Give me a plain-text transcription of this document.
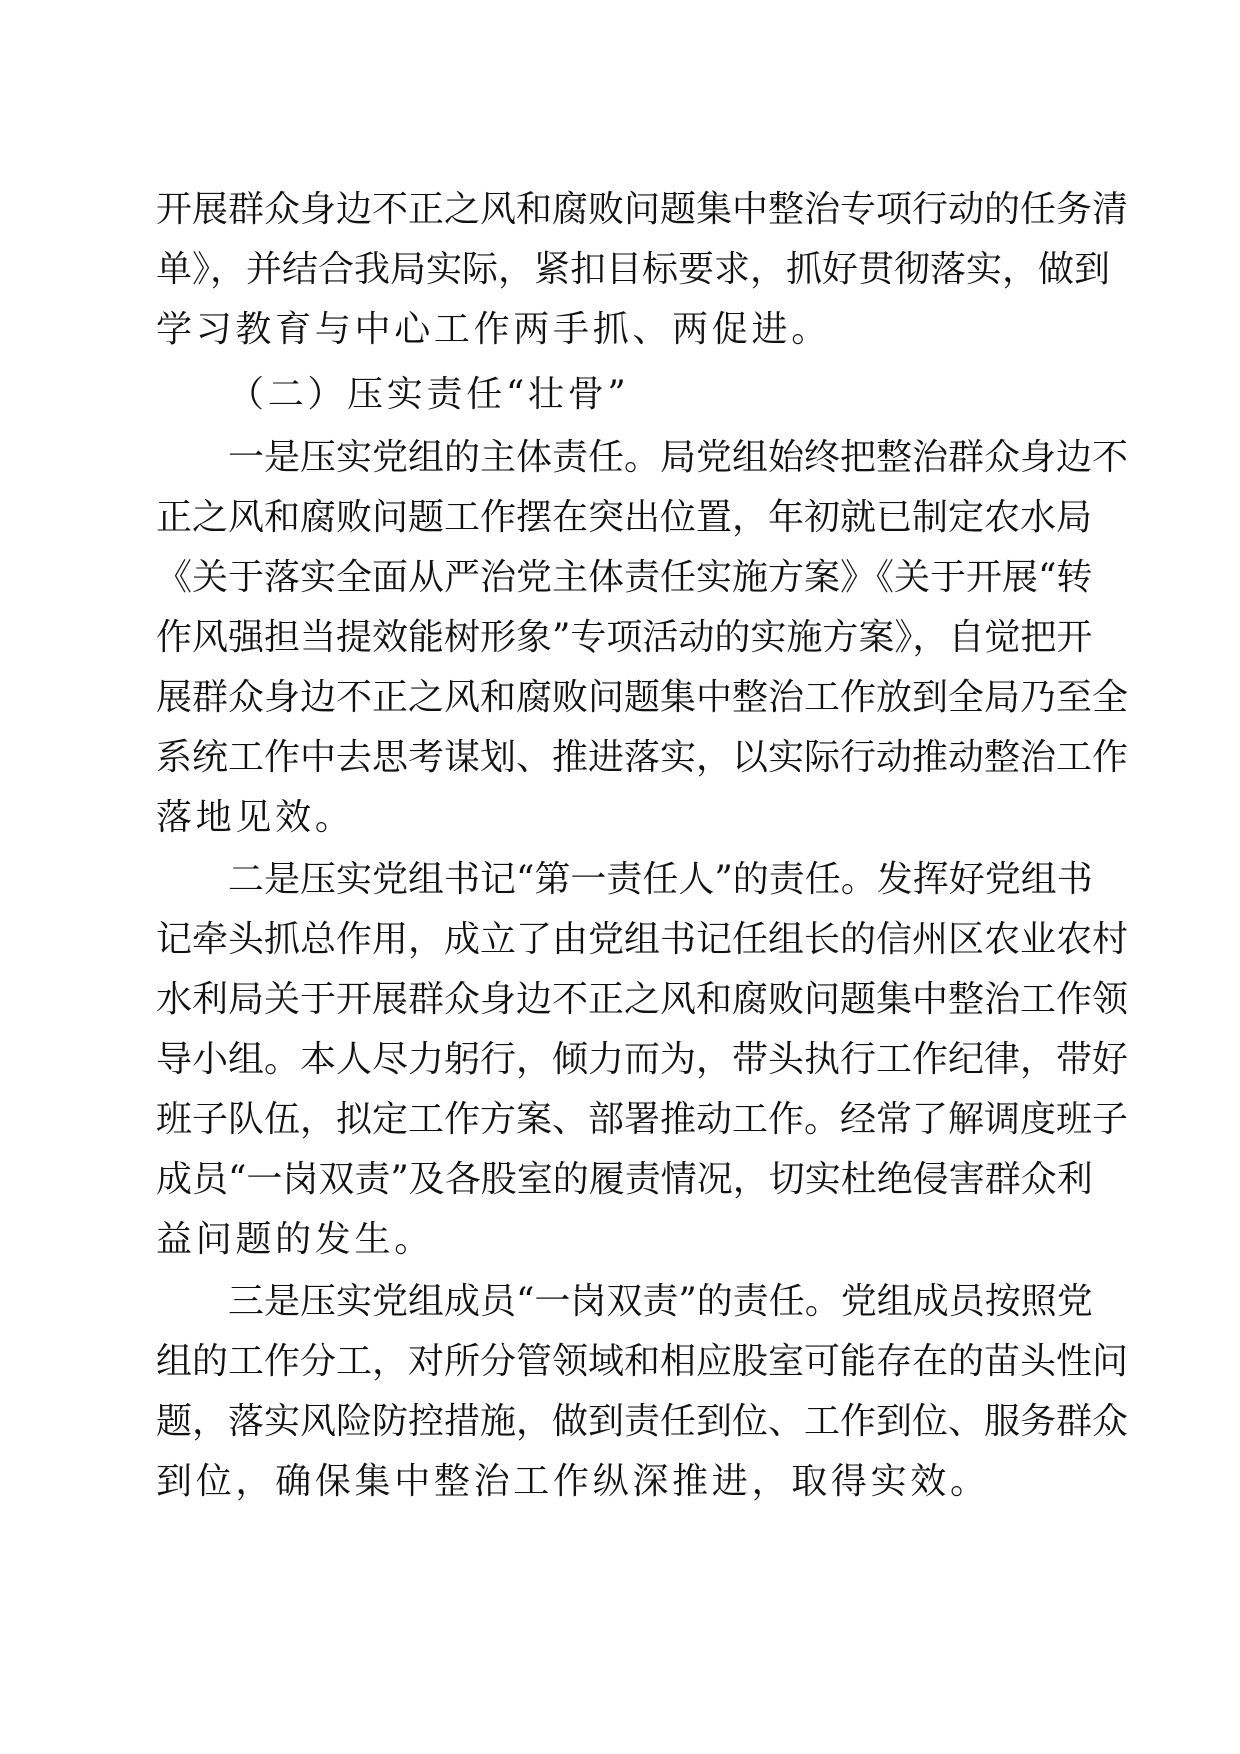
开展群众身边不正之风和腐败问题集中整治专项行动的任务清
单》，并结合我局实际，紧扣目标要求，抓好贯彻落实，做到
学习教育与中心工作两手抓、两促进。
（二）压实责任“壮骨”
一是压实党组的主体责任。局党组始终把整治群众身边不
正之风和腐败问题工作摆在突出位置，年初就已制定农水局
《关于落实全面从严治党主体责任实施方案》《关于开展“转
作风强担当提效能树形象”专项活动的实施方案》，自觉把开
展群众身边不正之风和腐败问题集中整治工作放到全局乃至全
系统工作中去思考谋划、推进落实，以实际行动推动整治工作
落地见效。
二是压实党组书记“第一责任人”的责任。发挥好党组书
记牵头抓总作用，成立了由党组书记任组长的信州区农业农村
水利局关于开展群众身边不正之风和腐败问题集中整治工作领
导小组。本人尽力躬行，倾力而为，带头执行工作纪律，带好
班子队伍，拟定工作方案、部署推动工作。经常了解调度班子
成员“一岗双责”及各股室的履责情况，切实杜绝侵害群众利
益问题的发生。
三是压实党组成员“一岗双责”的责任。党组成员按照党
组的工作分工，对所分管领域和相应股室可能存在的苗头性问
题，落实风险防控措施，做到责任到位、工作到位、服务群众
到位，确保集中整治工作纵深推进，取得实效。
